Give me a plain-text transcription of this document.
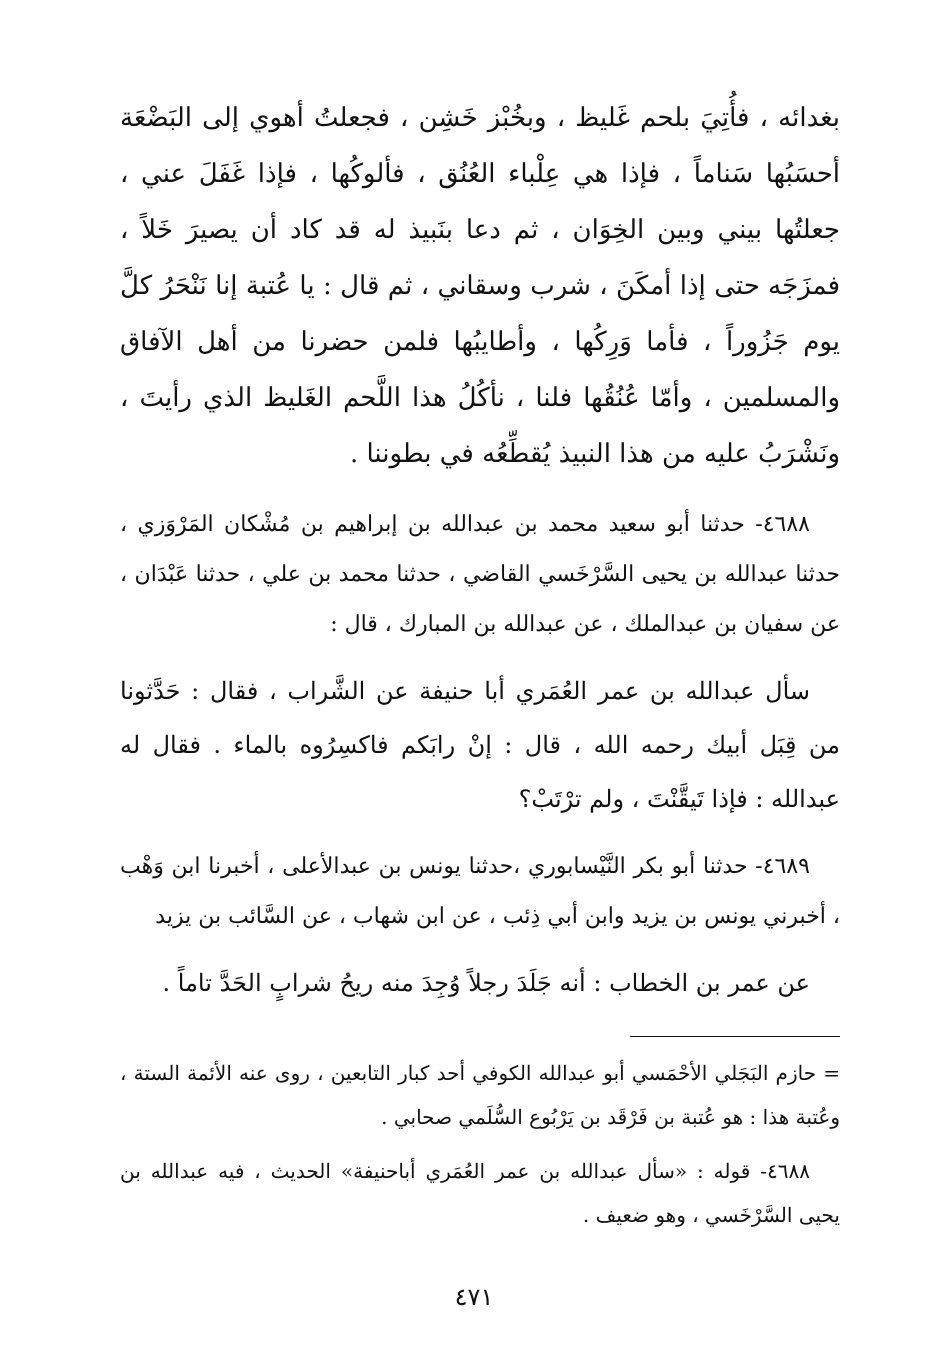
بغدائه ، فأُتِيَ بلحم غَليظ ، وبخُبْز خَشِن ، فجعلتُ أهوي إلى البَضْعَة أحسَبُها سَناماً ، فإذا هي عِلْباء العُنُق ، فألوكُها ، فإذا غَفَلَ عني ، جعلتُها بيني وبين الخِوَان ، ثم دعا بنَبيذ له قد كاد أن يصيرَ خَلاً ، فمزَجَه حتى إذا أمكَنَ ، شرب وسقاني ، ثم قال : يا عُتبة إنا نَنْحَرُ كلَّ يوم جَزُوراً ، فأما وَرِكُها ، وأطايبُها فلمن حضرنا من أهل الآفاق والمسلمين ، وأمّا عُنُقُها فلنا ، نأكُلُ هذا اللَّحم الغَليظ الذي رأيتَ ، ونَشْرَبُ عليه من هذا النبيذ يُقطِّعُه في بطوننا .

٤٦٨٨- حدثنا أبو سعيد محمد بن عبدالله بن إبراهيم بن مُشْكان المَرْوَزي ، حدثنا عبدالله بن يحيى السَّرْخَسي القاضي ، حدثنا محمد بن علي ، حدثنا عَبْدَان ، عن سفيان بن عبدالملك ، عن عبدالله بن المبارك ، قال :

سأل عبدالله بن عمر العُمَري أبا حنيفة عن الشَّراب ، فقال : حَدَّثونا من قِبَل أبيك رحمه الله ، قال : إنْ رابَكم فاكسِرُوه بالماء . فقال له عبدالله : فإذا تَيقَّنْتَ ، ولم ترْتَبْ؟

٤٦٨٩- حدثنا أبو بكر النَّيْسابوري ،حدثنا يونس بن عبدالأعلى ، أخبرنا ابن وَهْب ، أخبرني يونس بن يزيد وابن أبي ذِئب ، عن ابن شهاب ، عن السَّائب بن يزيد

عن عمر بن الخطاب : أنه جَلَدَ رجلاً وُجِدَ منه ريحُ شرابٍ الحَدَّ تاماً .

= حازم البَجَلي الأحْمَسي أبو عبدالله الكوفي أحد كبار التابعين ، روى عنه الأئمة الستة ، وعُتبة هذا : هو عُتبة بن فَرْقَد بن يَرْبُوع السُّلَمي صحابي .

٤٦٨٨- قوله : «سأل عبدالله بن عمر العُمَري أباحنيفة» الحديث ، فيه عبدالله بن يحيى السَّرْخَسي ، وهو ضعيف .

٤٧١
